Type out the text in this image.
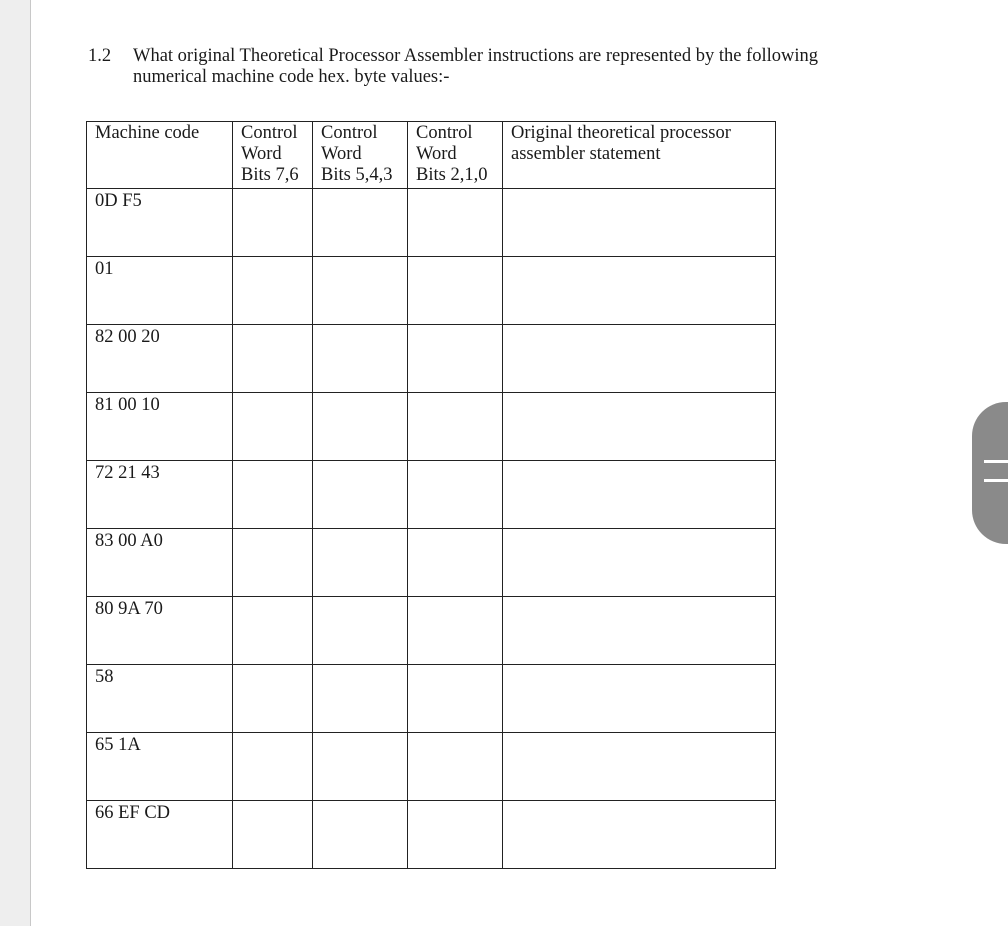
1.2 What original Theoretical Processor Assembler instructions are represented by the following
numerical machine code hex. byte values:-
Machine code	Control
Word
Bits 7,6	Control
Word
Bits 5,4,3	Control
Word
Bits 2,1,0	Original theoretical processor
assembler statement

0D F5				
01				
82 00 20				
81 00 10				
72 21 43				
83 00 A0				
80 9A 70				
58				
65 1A				
66 EF CD				
